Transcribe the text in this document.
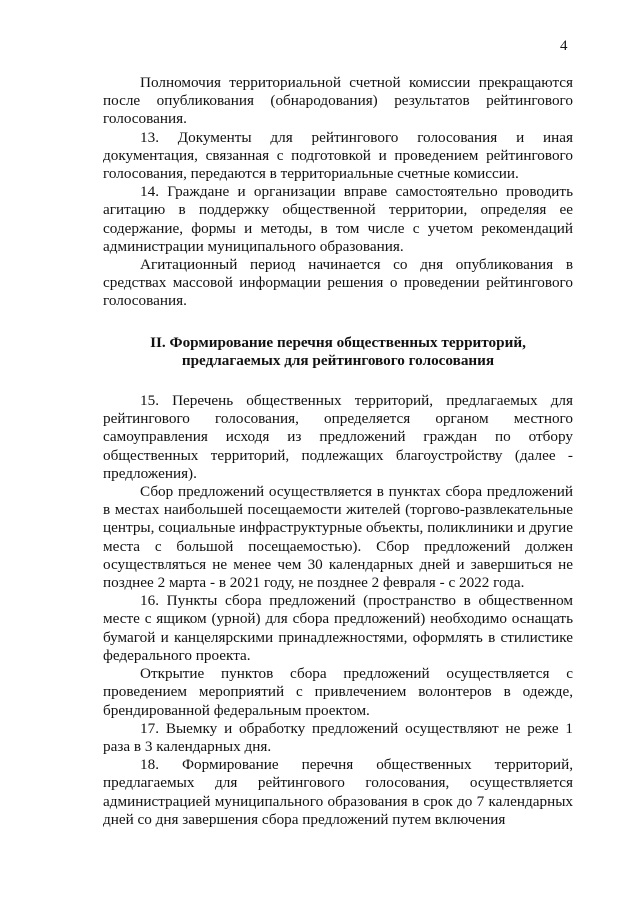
4

Полномочия территориальной счетной комиссии прекращаются после опубликования (обнародования) результатов рейтингового голосования.

13. Документы для рейтингового голосования и иная документация, связанная с подготовкой и проведением рейтингового голосования, передаются в территориальные счетные комиссии.

14. Граждане и организации вправе самостоятельно проводить агитацию в поддержку общественной территории, определяя ее содержание, формы и методы, в том числе с учетом рекомендаций администрации муниципального образования.

Агитационный период начинается со дня опубликования в средствах массовой информации решения о проведении рейтингового голосования.

II. Формирование перечня общественных территорий,
предлагаемых для рейтингового голосования

15. Перечень общественных территорий, предлагаемых для рейтингового голосования, определяется органом местного самоуправления исходя из предложений граждан по отбору общественных территорий, подлежащих благоустройству (далее - предложения).

Сбор предложений осуществляется в пунктах сбора предложений в местах наибольшей посещаемости жителей (торгово-развлекательные центры, социальные инфраструктурные объекты, поликлиники и другие места с большой посещаемостью). Сбор предложений должен осуществляться не менее чем 30 календарных дней и завершиться не позднее 2 марта - в 2021 году, не позднее 2 февраля - с 2022 года.

16. Пункты сбора предложений (пространство в общественном месте с ящиком (урной) для сбора предложений) необходимо оснащать бумагой и канцелярскими принадлежностями, оформлять в стилистике федерального проекта.

Открытие пунктов сбора предложений осуществляется с проведением мероприятий с привлечением волонтеров в одежде, брендированной федеральным проектом.

17. Выемку и обработку предложений осуществляют не реже 1 раза в 3 календарных дня.

18. Формирование перечня общественных территорий, предлагаемых для рейтингового голосования, осуществляется администрацией муниципального образования в срок до 7 календарных дней со дня завершения сбора предложений путем включения
